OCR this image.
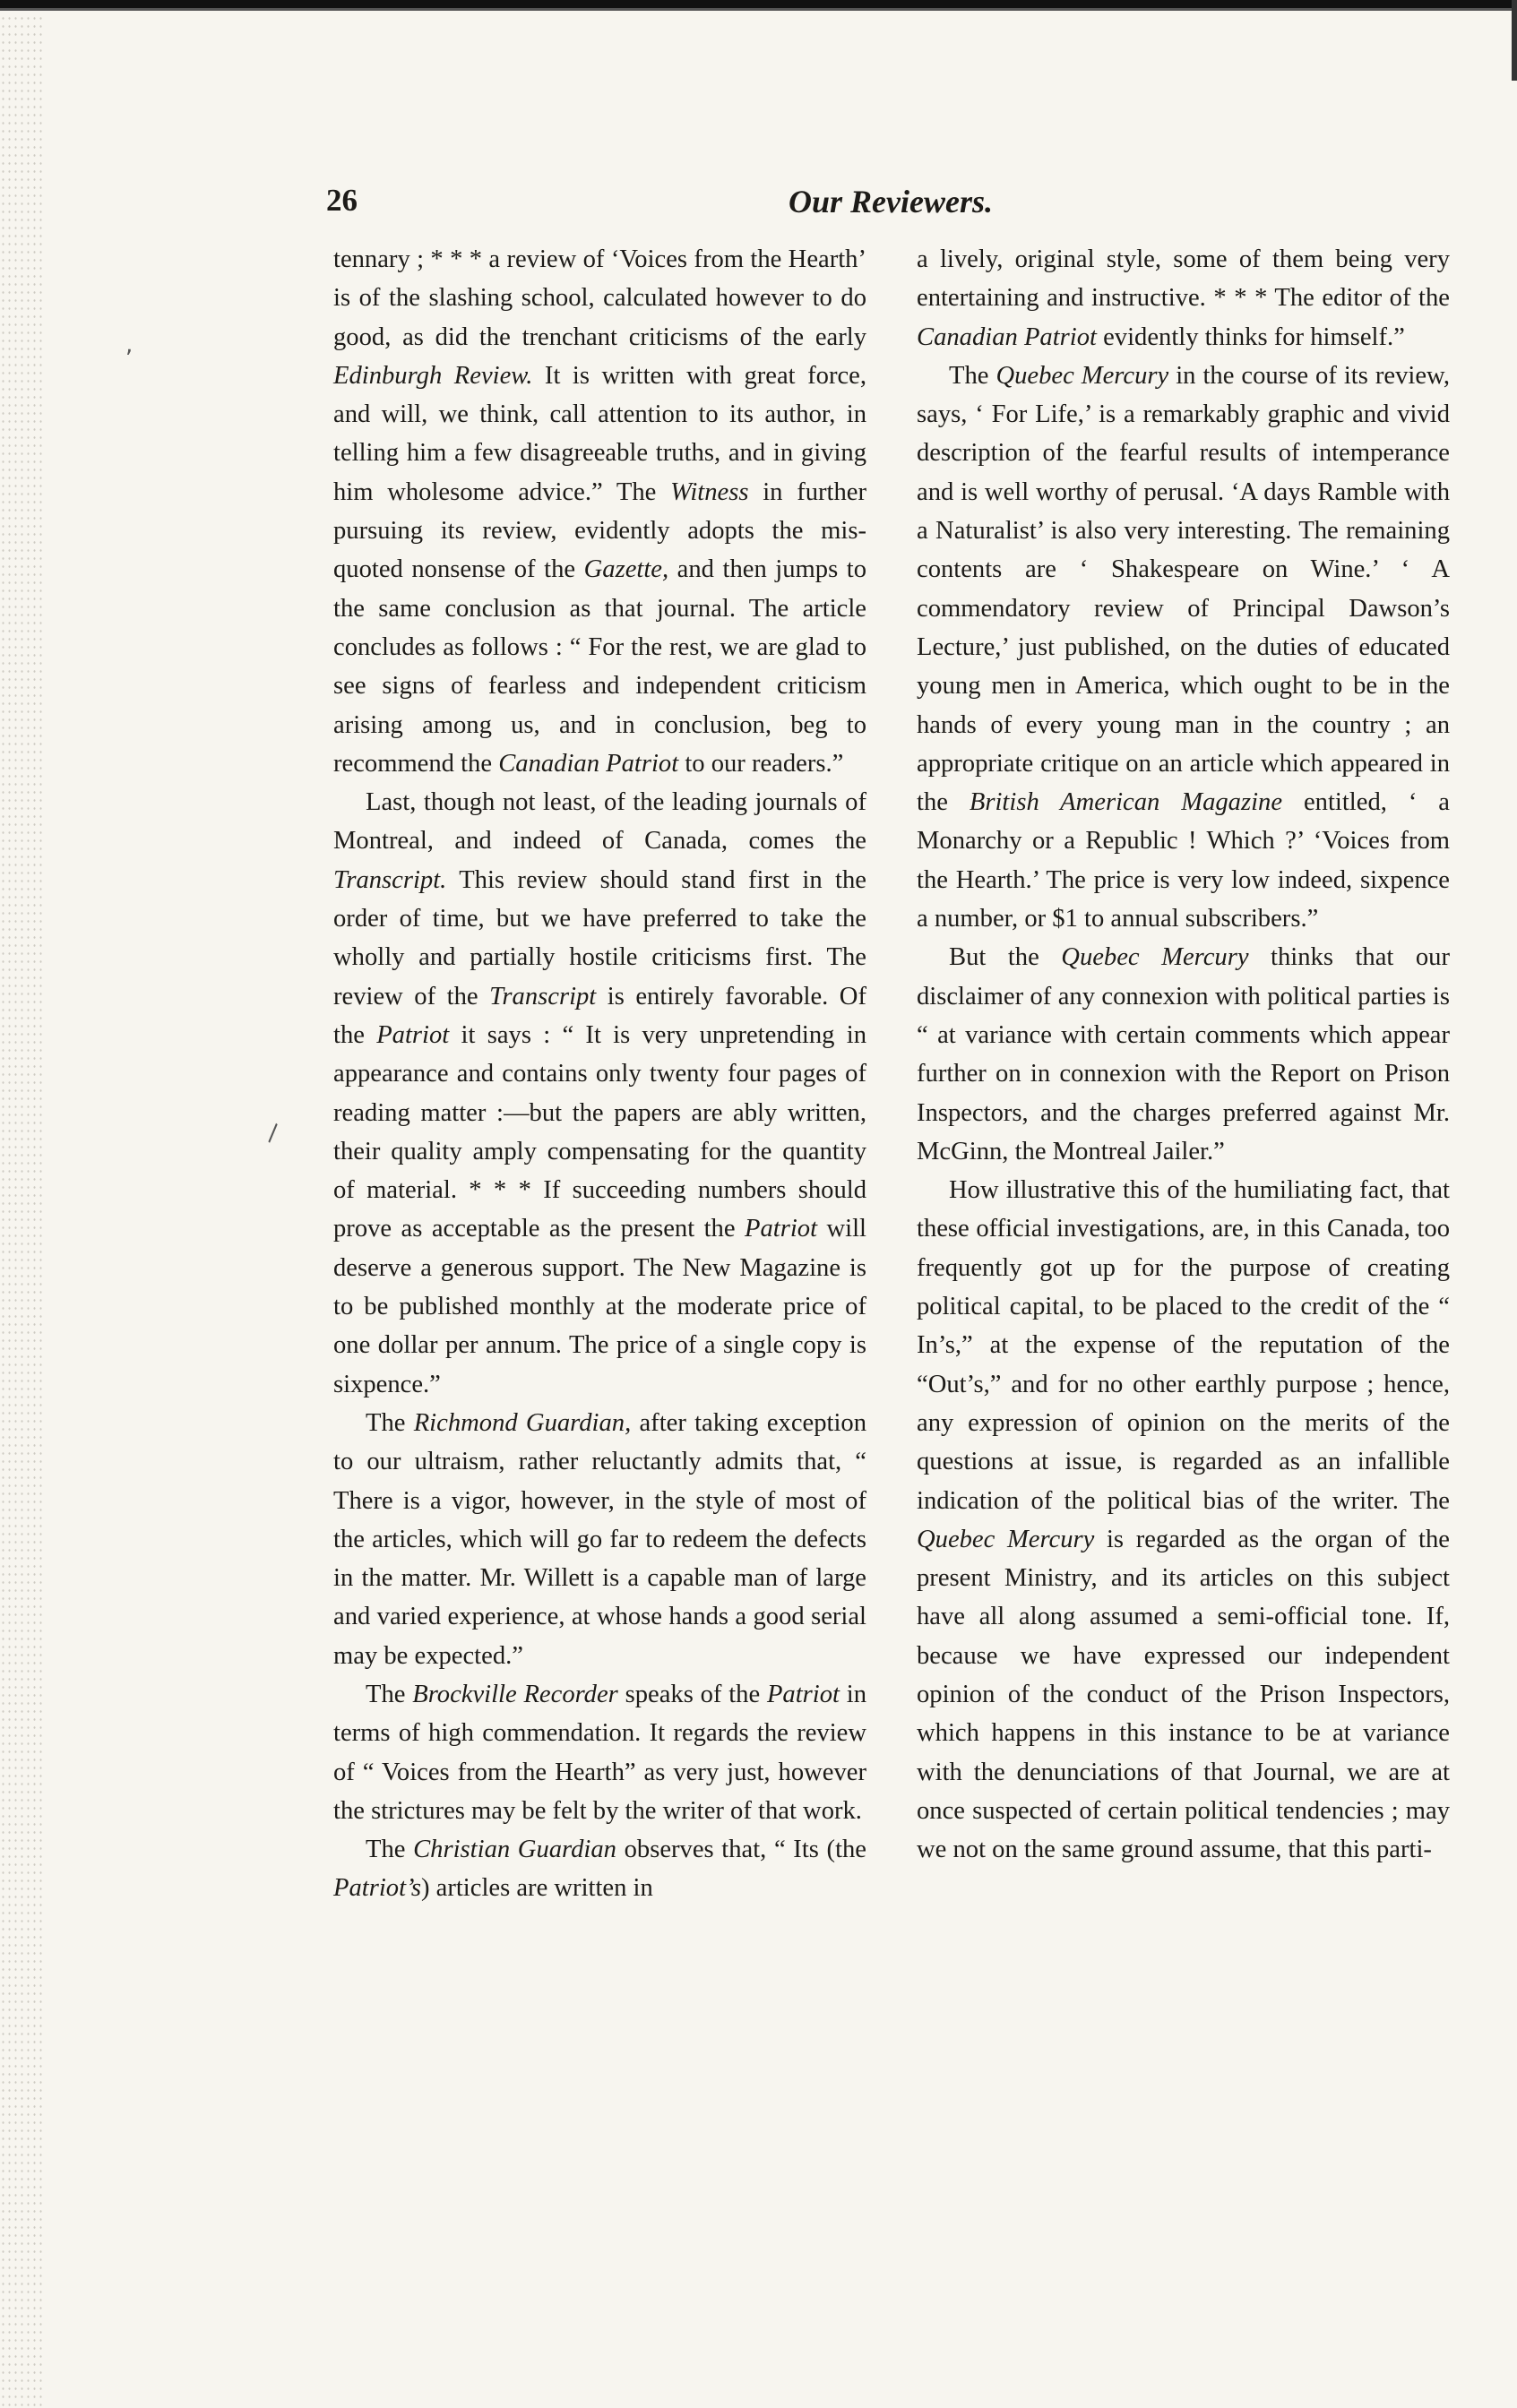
26	Our Reviewers.

tennary ; * * * a review of ‘Voices from the Hearth’ is of the slashing school, calculated however to do good, as did the trenchant criticisms of the early Edinburgh Review. It is written with great force, and will, we think, call attention to its author, in telling him a few disagreeable truths, and in giving him wholesome advice.” The Witness in further pursuing its review, evidently adopts the mis-quoted nonsense of the Gazette, and then jumps to the same conclusion as that journal. The article concludes as follows : “ For the rest, we are glad to see signs of fearless and independent criticism arising among us, and in conclusion, beg to recommend the Canadian Patriot to our readers.”

Last, though not least, of the leading journals of Montreal, and indeed of Canada, comes the Transcript. This review should stand first in the order of time, but we have preferred to take the wholly and partially hostile criticisms first. The review of the Transcript is entirely favorable. Of the Patriot it says : “ It is very unpretending in appearance and contains only twenty four pages of reading matter :—but the papers are ably written, their quality amply compensating for the quantity of material. * * * If succeeding numbers should prove as acceptable as the present the Patriot will deserve a generous support. The New Magazine is to be published monthly at the moderate price of one dollar per annum. The price of a single copy is sixpence.”

The Richmond Guardian, after taking exception to our ultraism, rather reluctantly admits that, “ There is a vigor, however, in the style of most of the articles, which will go far to redeem the defects in the matter. Mr. Willett is a capable man of large and varied experience, at whose hands a good serial may be expected.”

The Brockville Recorder speaks of the Patriot in terms of high commendation. It regards the review of “ Voices from the Hearth” as very just, however the strictures may be felt by the writer of that work.

The Christian Guardian observes that, “ Its (the Patriot’s) articles are written in

a lively, original style, some of them being very entertaining and instructive. * * * The editor of the Canadian Patriot evidently thinks for himself.”

The Quebec Mercury in the course of its review, says, ‘ For Life,’ is a remarkably graphic and vivid description of the fearful results of intemperance and is well worthy of perusal. ‘A days Ramble with a Naturalist’ is also very interesting. The remaining contents are ‘ Shakespeare on Wine.’ ‘ A commendatory review of Principal Dawson’s Lecture,’ just published, on the duties of educated young men in America, which ought to be in the hands of every young man in the country ; an appropriate critique on an article which appeared in the British American Magazine entitled, ‘ a Monarchy or a Republic ! Which ?’ ‘Voices from the Hearth.’ The price is very low indeed, sixpence a number, or $1 to annual subscribers.”

But the Quebec Mercury thinks that our disclaimer of any connexion with political parties is “ at variance with certain comments which appear further on in connexion with the Report on Prison Inspectors, and the charges preferred against Mr. McGinn, the Montreal Jailer.”

How illustrative this of the humiliating fact, that these official investigations, are, in this Canada, too frequently got up for the purpose of creating political capital, to be placed to the credit of the “ In’s,” at the expense of the reputation of the “Out’s,” and for no other earthly purpose ; hence, any expression of opinion on the merits of the questions at issue, is regarded as an infallible indication of the political bias of the writer. The Quebec Mercury is regarded as the organ of the present Ministry, and its articles on this subject have all along assumed a semi-official tone. If, because we have expressed our independent opinion of the conduct of the Prison Inspectors, which happens in this instance to be at variance with the denunciations of that Journal, we are at once suspected of certain political tendencies ; may we not on the same ground assume, that this parti-

,
\
